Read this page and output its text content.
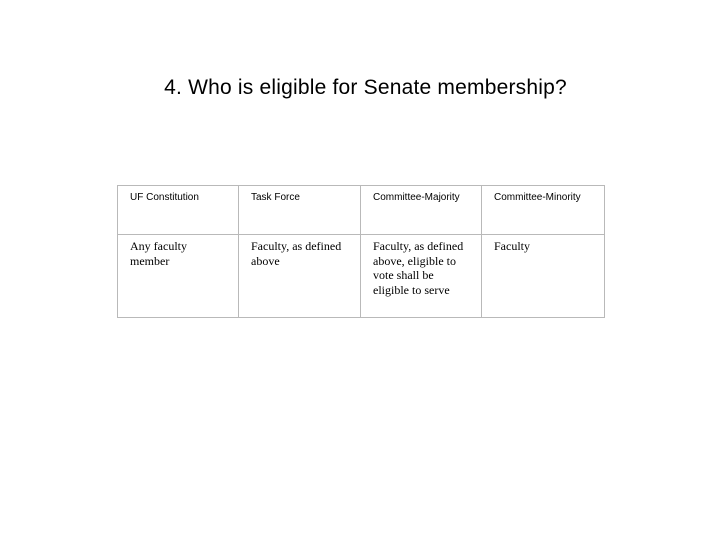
4. Who is eligible for Senate membership?
UF Constitution	Task Force	Committee-Majority	Committee-Minority
Any faculty member	Faculty, as defined above	Faculty, as defined above, eligible to vote shall be eligible to serve	Faculty
